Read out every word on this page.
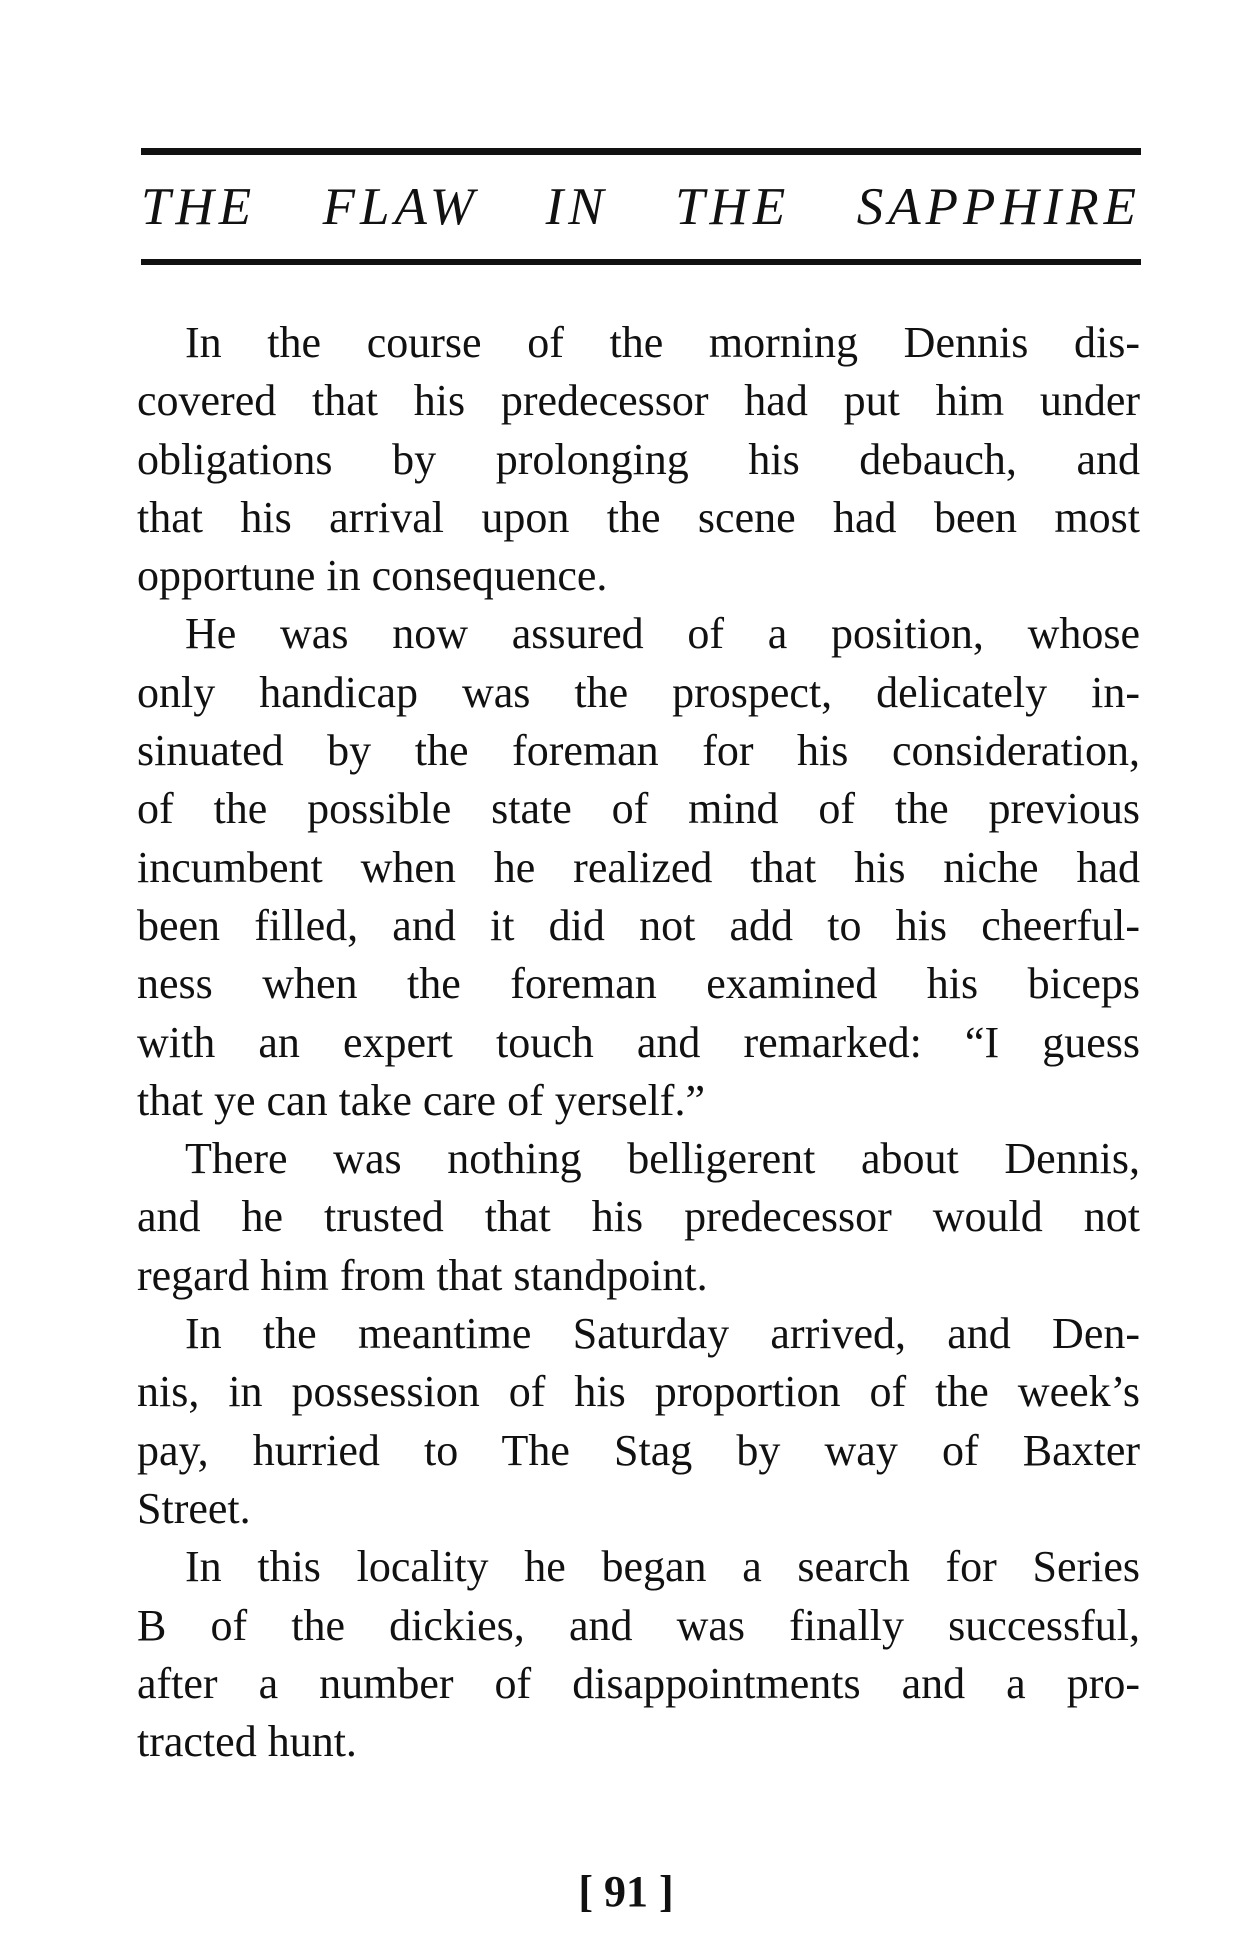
THE FLAW IN THE SAPPHIRE

In the course of the morning Dennis dis-
covered that his predecessor had put him under
obligations by prolonging his debauch, and
that his arrival upon the scene had been most
opportune in consequence.

He was now assured of a position, whose
only handicap was the prospect, delicately in-
sinuated by the foreman for his consideration,
of the possible state of mind of the previous
incumbent when he realized that his niche had
been filled, and it did not add to his cheerful-
ness when the foreman examined his biceps
with an expert touch and remarked: “I guess
that ye can take care of yerself.”

There was nothing belligerent about Dennis,
and he trusted that his predecessor would not
regard him from that standpoint.

In the meantime Saturday arrived, and Den-
nis, in possession of his proportion of the week’s
pay, hurried to The Stag by way of Baxter
Street.

In this locality he began a search for Series
B of the dickies, and was finally successful,
after a number of disappointments and a pro-
tracted hunt.

[ 91 ]
